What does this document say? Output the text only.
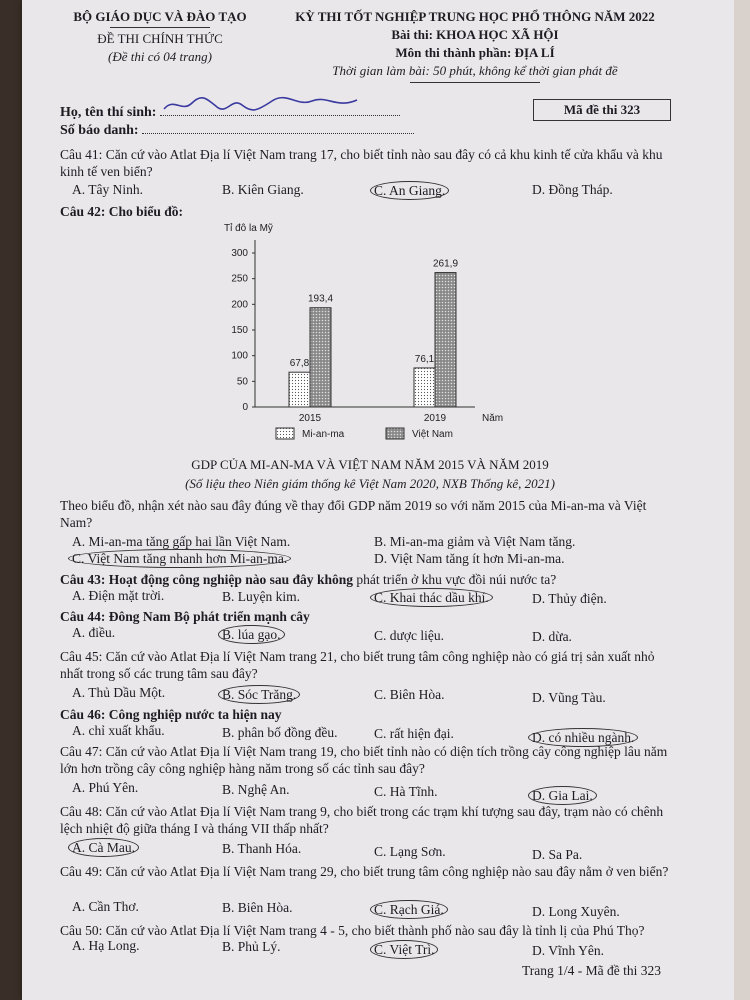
BỘ GIÁO DỤC VÀ ĐÀO TẠO
ĐỀ THI CHÍNH THỨC
(Đề thi có 04 trang)
KỲ THI TỐT NGHIỆP TRUNG HỌC PHỔ THÔNG NĂM 2022
Bài thi: KHOA HỌC XÃ HỘI
Môn thi thành phần: ĐỊA LÍ
Thời gian làm bài: 50 phút, không kể thời gian phát đề
Họ, tên thí sinh:
Số báo danh:
Mã đề thi 323
Câu 41: Căn cứ vào Atlat Địa lí Việt Nam trang 17, cho biết tỉnh nào sau đây có cả khu kinh tế cửa khẩu và khu kinh tế ven biển?
A. Tây Ninh.	B. Kiên Giang.	C. An Giang.	D. Đồng Tháp.
Câu 42: Cho biểu đồ:
Tỉ đô la Mỹ
0
50
100
150
200
250
300
67,8
193,4
2015
76,1
261,9
2019	Năm
Mi-an-ma	Việt Nam
GDP CỦA MI-AN-MA VÀ VIỆT NAM NĂM 2015 VÀ NĂM 2019
(Số liệu theo Niên giám thống kê Việt Nam 2020, NXB Thống kê, 2021)
Theo biểu đồ, nhận xét nào sau đây đúng về thay đổi GDP năm 2019 so với năm 2015 của Mi-an-ma và Việt Nam?
A. Mi-an-ma tăng gấp hai lần Việt Nam.	B. Mi-an-ma giảm và Việt Nam tăng.
C. Việt Nam tăng nhanh hơn Mi-an-ma.	D. Việt Nam tăng ít hơn Mi-an-ma.
Câu 43: Hoạt động công nghiệp nào sau đây không phát triển ở khu vực đồi núi nước ta?
A. Điện mặt trời.	B. Luyện kim.	C. Khai thác dầu khí.	D. Thủy điện.
Câu 44: Đông Nam Bộ phát triển mạnh cây
A. điều.	B. lúa gạo.	C. dược liệu.	D. dừa.
Câu 45: Căn cứ vào Atlat Địa lí Việt Nam trang 21, cho biết trung tâm công nghiệp nào có giá trị sản xuất nhỏ nhất trong số các trung tâm sau đây?
A. Thủ Dầu Một.	B. Sóc Trăng.	C. Biên Hòa.	D. Vũng Tàu.
Câu 46: Công nghiệp nước ta hiện nay
A. chỉ xuất khẩu.	B. phân bố đồng đều.	C. rất hiện đại.	D. có nhiều ngành.
Câu 47: Căn cứ vào Atlat Địa lí Việt Nam trang 19, cho biết tỉnh nào có diện tích trồng cây công nghiệp lâu năm lớn hơn trồng cây công nghiệp hàng năm trong số các tỉnh sau đây?
A. Phú Yên.	B. Nghệ An.	C. Hà Tĩnh.	D. Gia Lai.
Câu 48: Căn cứ vào Atlat Địa lí Việt Nam trang 9, cho biết trong các trạm khí tượng sau đây, trạm nào có chênh lệch nhiệt độ giữa tháng I và tháng VII thấp nhất?
A. Cà Mau.	B. Thanh Hóa.	C. Lạng Sơn.	D. Sa Pa.
Câu 49: Căn cứ vào Atlat Địa lí Việt Nam trang 29, cho biết trung tâm công nghiệp nào sau đây nằm ở ven biển?
A. Cần Thơ.	B. Biên Hòa.	C. Rạch Giá.	D. Long Xuyên.
Câu 50: Căn cứ vào Atlat Địa lí Việt Nam trang 4 - 5, cho biết thành phố nào sau đây là tỉnh lị của Phú Thọ?
A. Hạ Long.	B. Phủ Lý.	C. Việt Trì.	D. Vĩnh Yên.
Trang 1/4 - Mã đề thi 323
